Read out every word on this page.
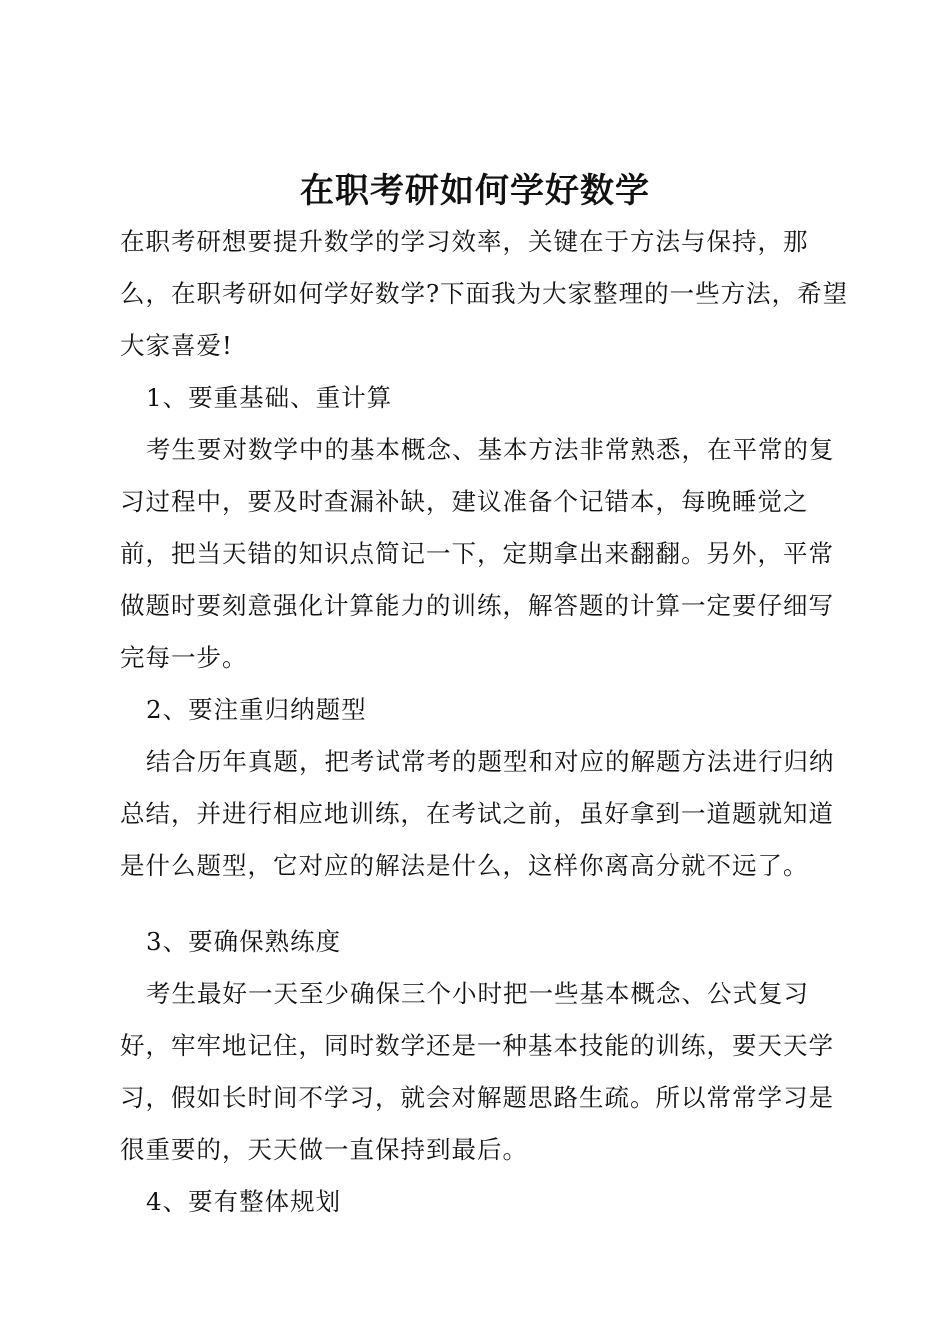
在职考研如何学好数学

在职考研想要提升数学的学习效率，关键在于方法与保持，那么，在职考研如何学好数学?下面我为大家整理的一些方法，希望大家喜爱!

1、要重基础、重计算

考生要对数学中的基本概念、基本方法非常熟悉，在平常的复习过程中，要及时查漏补缺，建议准备个记错本，每晚睡觉之前，把当天错的知识点简记一下，定期拿出来翻翻。另外，平常做题时要刻意强化计算能力的训练，解答题的计算一定要仔细写完每一步。

2、要注重归纳题型

结合历年真题，把考试常考的题型和对应的解题方法进行归纳总结，并进行相应地训练，在考试之前，虽好拿到一道题就知道是什么题型，它对应的解法是什么，这样你离高分就不远了。

3、要确保熟练度

考生最好一天至少确保三个小时把一些基本概念、公式复习好，牢牢地记住，同时数学还是一种基本技能的训练，要天天学习，假如长时间不学习，就会对解题思路生疏。所以常常学习是很重要的，天天做一直保持到最后。

4、要有整体规划
